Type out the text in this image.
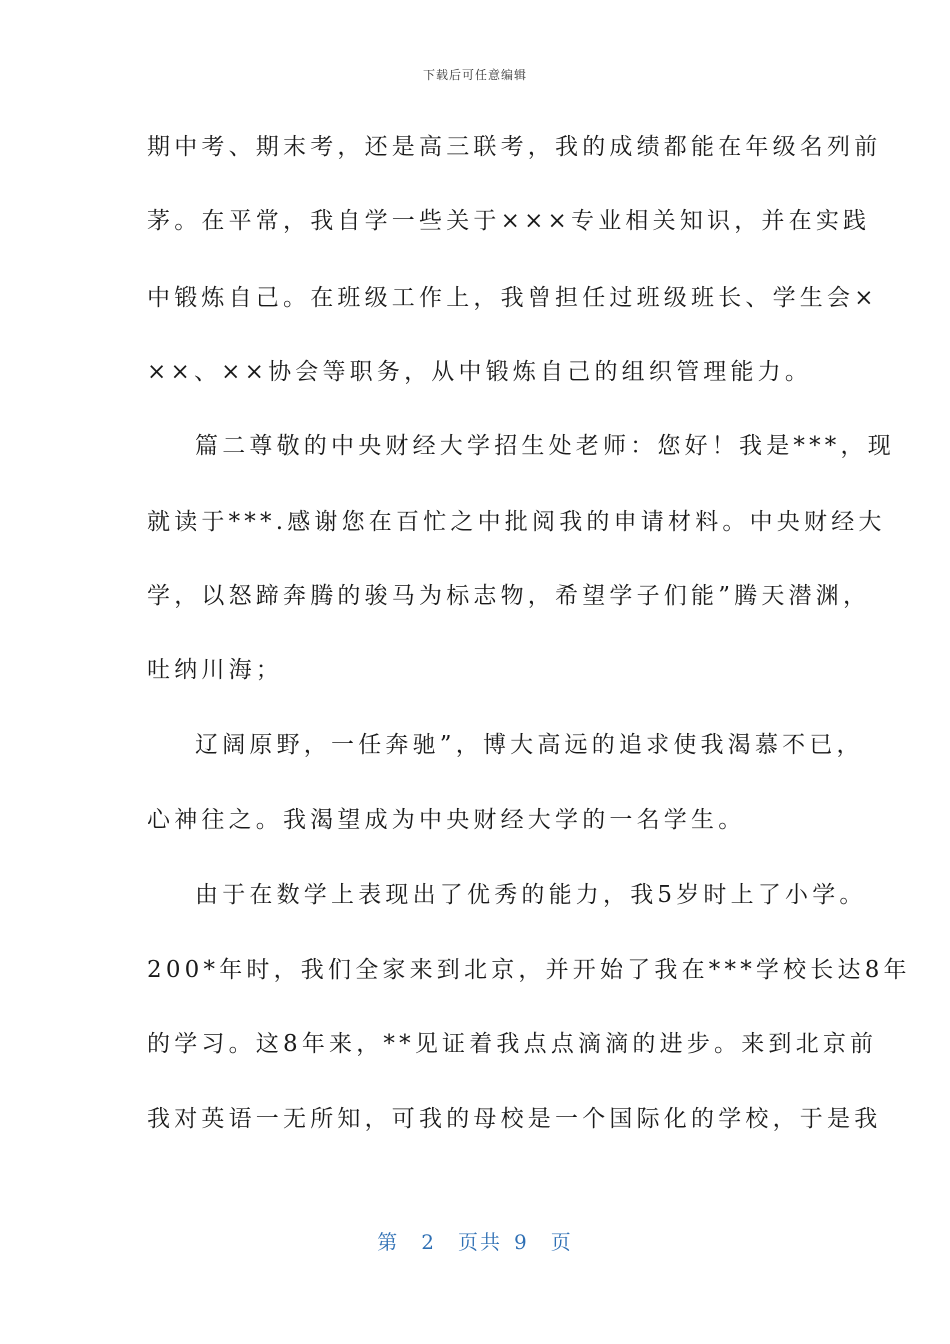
下载后可任意编辑
期中考、期末考，还是高三联考，我的成绩都能在年级名列前
茅。在平常，我自学一些关于×××专业相关知识，并在实践
中锻炼自己。在班级工作上，我曾担任过班级班长、学生会×
××、××协会等职务，从中锻炼自己的组织管理能力。
篇二尊敬的中央财经大学招生处老师：您好！我是***，现
就读于***.感谢您在百忙之中批阅我的申请材料。中央财经大
学，以怒蹄奔腾的骏马为标志物，希望学子们能”腾天潜渊，
吐纳川海；
辽阔原野，一任奔驰”，博大高远的追求使我渴慕不已，
心神往之。我渴望成为中央财经大学的一名学生。
由于在数学上表现出了优秀的能力，我5岁时上了小学。
200*年时，我们全家来到北京，并开始了我在***学校长达8年
的学习。这8年来，**见证着我点点滴滴的进步。来到北京前
我对英语一无所知，可我的母校是一个国际化的学校，于是我
第 2 页共 9 页
